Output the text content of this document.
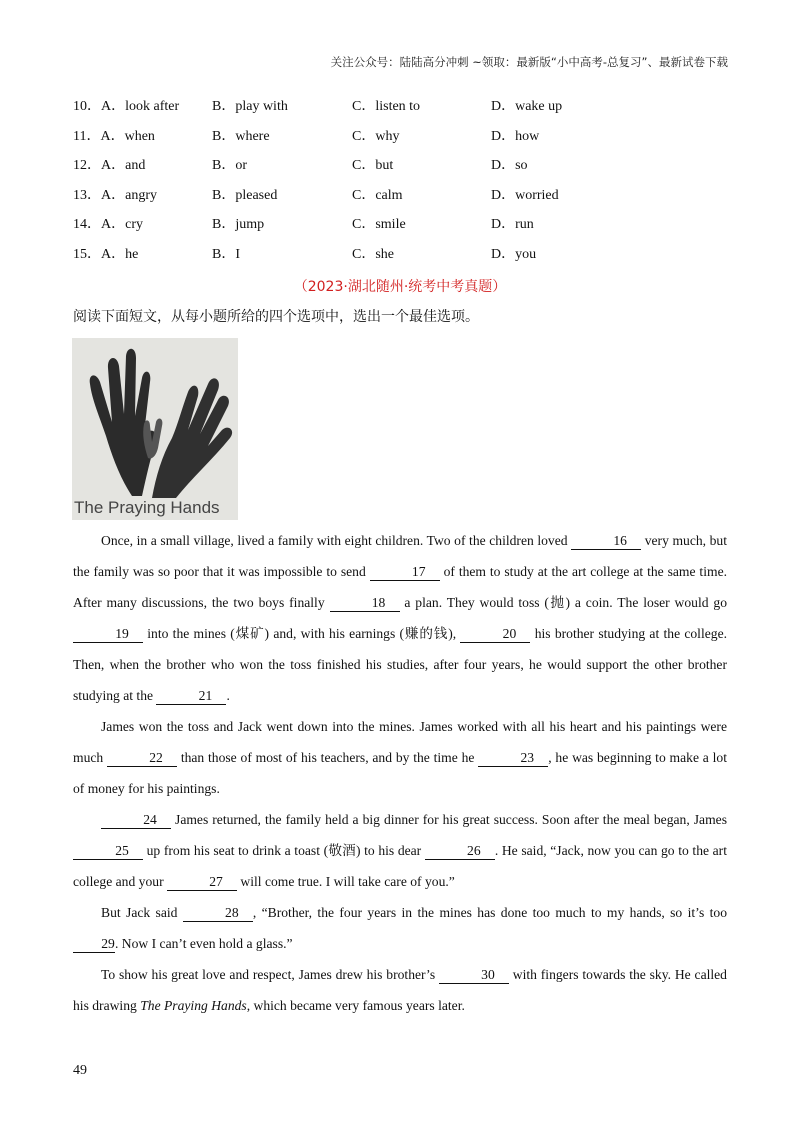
关注公众号：陆陆高分冲刺 ~领取：最新版“小中高考-总复习”、最新试卷下载
10．A．look after B．play with	C．listen to	D．wake up
11．A．when	B．where	C．why	D．how
12．A．and	B．or	C．but	D．so
13．A．angry	B．pleased	C．calm	D．worried
14．A．cry	B．jump	C．smile	D．run
15．A．he	B．I	C．she	D．you
（2023·湖北随州·统考中考真题）
阅读下面短文，从每小题所给的四个选项中，选出一个最佳选项。
The Praying Hands

Once, in a small village, lived a family with eight children. Two of the children loved	16 very much, but the family was so poor that it was impossible to send	17 of them to study at the art college at the same time. After many discussions, the two boys finally	18 a plan. They would toss (抛) a coin. The loser would go 19 into the mines (煤矿) and, with his earnings (赚的钱),	20 his brother studying at the college. Then, when the brother who won the toss finished his studies, after four years, he would support the other brother studying at the	21 .

James won the toss and Jack went down into the mines. James worked with all his heart and his paintings were much	22 than those of most of his teachers, and by the time he	23 , he was beginning to make a lot of money for his paintings.

24 James returned, the family held a big dinner for his great success. Soon after the meal began, James 25 up from his seat to drink a toast (敬酒) to his dear	26 . He said, “Jack, now you can go to the art college and your	27 will come true. I will take care of you.”

But Jack said	28 , “Brother, the four years in the mines has done too much to my hands, so it’s too 29. Now I can’t even hold a glass.”

To show his great love and respect, James drew his brother’s	30 with fingers towards the sky. He called his drawing The Praying Hands, which became very famous years later.

49
